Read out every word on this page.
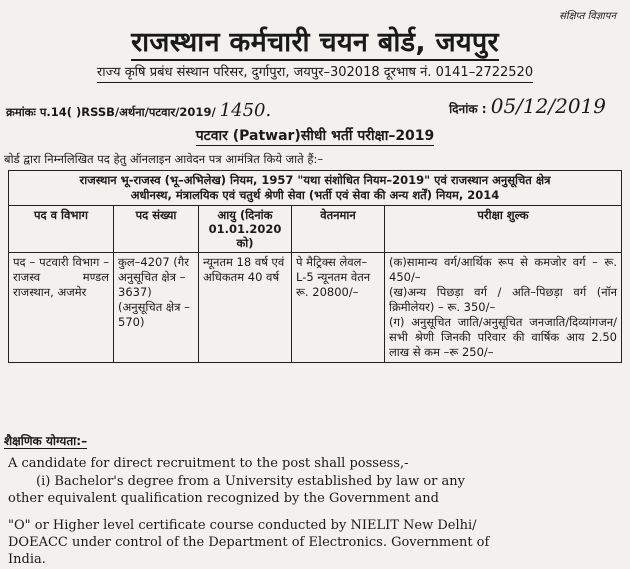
संक्षिप्त विज्ञापन
राजस्थान कर्मचारी चयन बोर्ड, जयपुर
राज्य कृषि प्रबंध संस्थान परिसर, दुर्गापुरा, जयपुर–302018 दूरभाष नं. 0141–2722520
क्रमांकः प.14( )RSSB/अर्थना/पटवार/2019/ 1450.	दिनांक : 05/12/2019
पटवार (Patwar)सीधी भर्ती परीक्षा–2019
बोर्ड द्वारा निम्नलिखित पद हेतु ऑनलाइन आवेदन पत्र आमंत्रित किये जाते हैं:–
राजस्थान भू-राजस्व (भू–अभिलेख) नियम, 1957 "यथा संशोधित नियम–2019" एवं राजस्थान अनुसूचित क्षेत्र
अधीनस्थ, मंत्रालयिक एवं चतुर्थ श्रेणी सेवा (भर्ती एवं सेवा की अन्य शर्तें) नियम, 2014				

पद व विभाग	पद संख्या	आयु (दिनांक 01.01.2020 को)	वेतनमान	परीक्षा शुल्क
पद – पटवारी विभाग – राजस्व मण्डल राजस्थान, अजमेर	कुल–4207 (गैर अनुसूचित क्षेत्र – 3637) (अनुसूचित क्षेत्र – 570)	न्यूनतम 18 वर्ष एवं अधिकतम 40 वर्ष	पे मैट्रिक्स लेवल– L-5 न्यूनतम वेतन रू. 20800/–	(क)सामान्य वर्ग/आर्थिक रूप से कमजोर वर्ग – रू. 450/–
(ख)अन्य पिछड़ा वर्ग / अति–पिछड़ा वर्ग (नॉन क्रिमीलेयर) – रू. 350/–
(ग) अनुसूचित जाति/अनुसूचित जनजाति/दिव्यांगजन/सभी श्रेणी जिनकी परिवार की वार्षिक आय 2.50 लाख से कम –रू 250/–
शैक्षणिक योग्यता:–
A candidate for direct recruitment to the post shall possess,-
(i) Bachelor's degree from a University established by law or any
other equivalent qualification recognized by the Government and
"O" or Higher level certificate course conducted by NIELIT New Delhi/
DOEACC under control of the Department of Electronics. Government of
India.
